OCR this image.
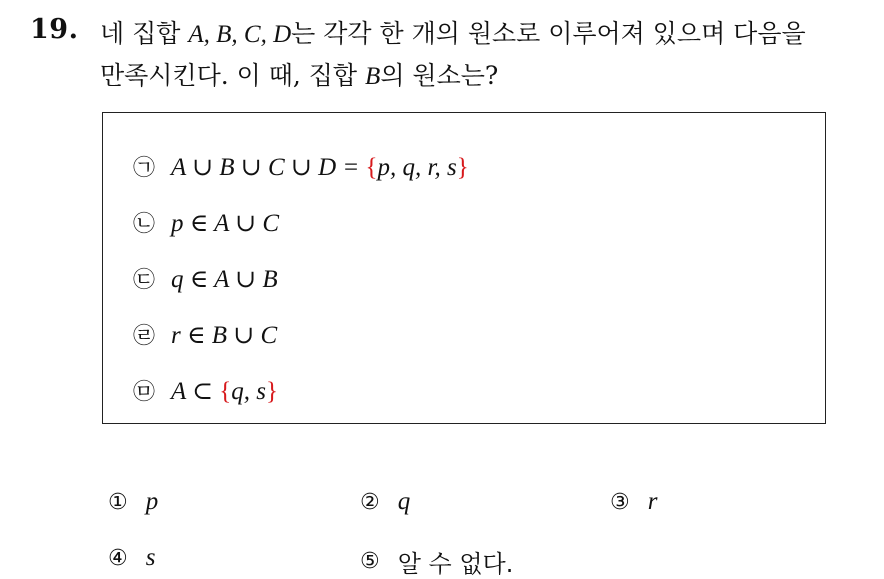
19. 네 집합 A, B, C, D는 각각 한 개의 원소로 이루어져 있으며 다음을
만족시킨다. 이 때, 집합 B의 원소는?
㉠ A ∪ B ∪ C ∪ D = {p, q, r, s}
㉡ p ∈ A ∪ C
㉢ q ∈ A ∪ B
㉣ r ∈ B ∪ C
㉤ A ⊂ {q, s}
① p	② q	③ r
④ s	⑤ 알 수 없다.
